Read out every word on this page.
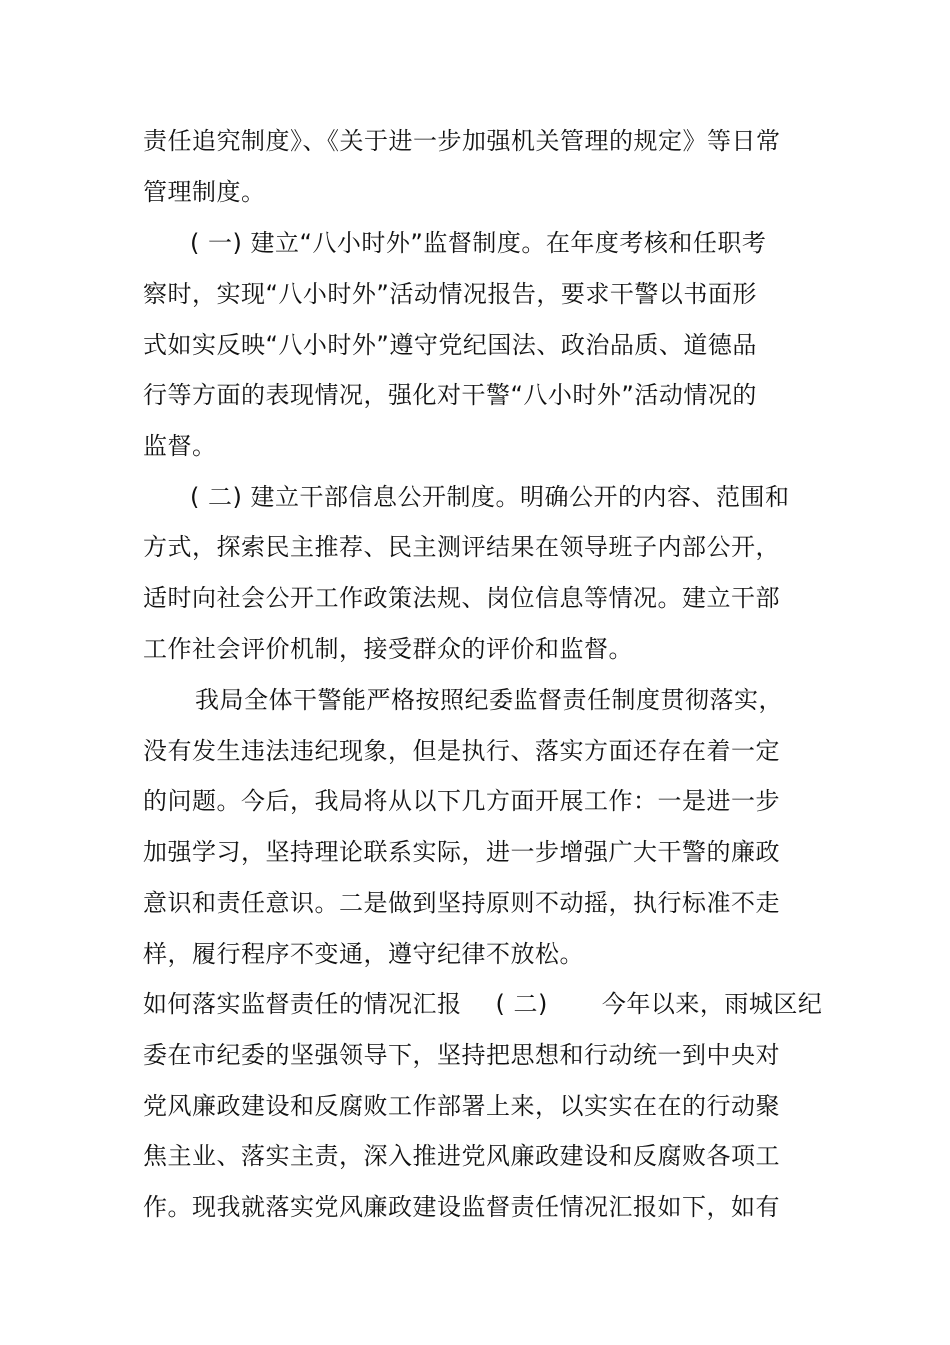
责任追究制度》、《关于进一步加强机关管理的规定》等日常
管理制度。
( 一) 建立“八小时外”监督制度。在年度考核和任职考
察时，实现“八小时外”活动情况报告，要求干警以书面形
式如实反映“八小时外”遵守党纪国法、政治品质、道德品
行等方面的表现情况，强化对干警“八小时外”活动情况的
监督。
( 二) 建立干部信息公开制度。明确公开的内容、范围和
方式，探索民主推荐、民主测评结果在领导班子内部公开，
适时向社会公开工作政策法规、岗位信息等情况。建立干部
工作社会评价机制，接受群众的评价和监督。
我局全体干警能严格按照纪委监督责任制度贯彻落实，
没有发生违法违纪现象，但是执行、落实方面还存在着一定
的问题。今后，我局将从以下几方面开展工作：一是进一步
加强学习，坚持理论联系实际，进一步增强广大干警的廉政
意识和责任意识。二是做到坚持原则不动摇，执行标准不走
样，履行程序不变通，遵守纪律不放松。
如何落实监督责任的情况汇报 ( 二) 今年以来，雨城区纪
委在市纪委的坚强领导下，坚持把思想和行动统一到中央对
党风廉政建设和反腐败工作部署上来，以实实在在的行动聚
焦主业、落实主责，深入推进党风廉政建设和反腐败各项工
作。现我就落实党风廉政建设监督责任情况汇报如下，如有
